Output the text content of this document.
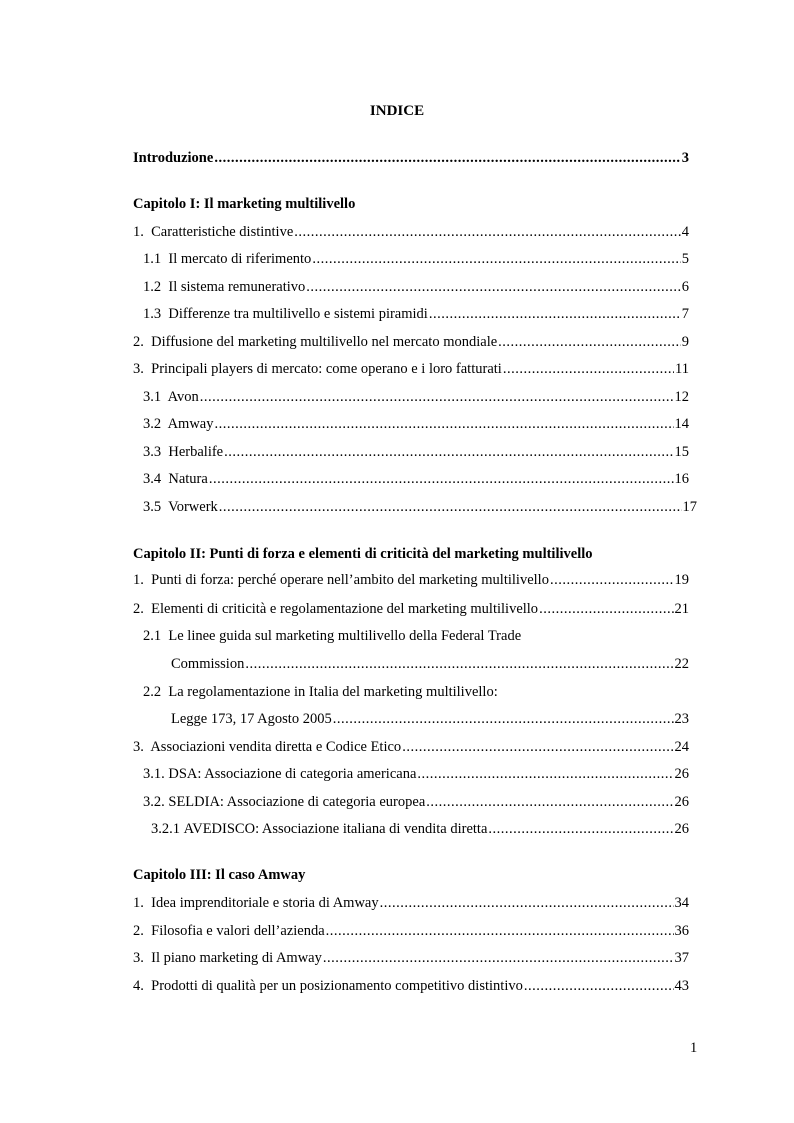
INDICE
Introduzione .....	3
Capitolo I: Il marketing multilivello
1. Caratteristiche distintive .....	4
1.1 Il mercato di riferimento .....	5
1.2 Il sistema remunerativo .....	6
1.3 Differenze tra multilivello e sistemi piramidi .....	7
2. Diffusione del marketing multilivello nel mercato mondiale .....	9
3. Principali players di mercato: come operano e i loro fatturati .....	11
3.1 Avon .....	12
3.2 Amway .....	14
3.3 Herbalife .....	15
3.4 Natura .....	16
3.5 Vorwerk .....	17
Capitolo II: Punti di forza e elementi di criticità del marketing multilivello
1. Punti di forza: perché operare nell’ambito del marketing multilivello .....	19
2. Elementi di criticità e regolamentazione del marketing multilivello .....	21
2.1 Le linee guida sul marketing multilivello della Federal Trade
Commission .....	22
2.2 La regolamentazione in Italia del marketing multilivello:
Legge 173, 17 Agosto 2005 .....	23
3. Associazioni vendita diretta e Codice Etico .....	24
3.1. DSA: Associazione di categoria americana .....	26
3.2. SELDIA: Associazione di categoria europea .....	26
3.2.1 AVEDISCO: Associazione italiana di vendita diretta .....	26
Capitolo III: Il caso Amway
1. Idea imprenditoriale e storia di Amway .....	34
2. Filosofia e valori dell’azienda .....	36
3. Il piano marketing di Amway .....	37
4. Prodotti di qualità per un posizionamento competitivo distintivo .....	43
1
